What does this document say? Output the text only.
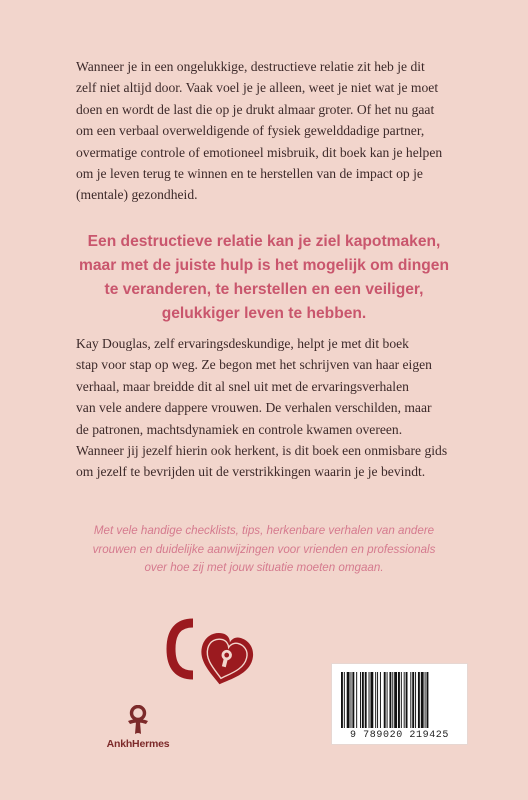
Wanneer je in een ongelukkige, destructieve relatie zit heb je dit
zelf niet altijd door. Vaak voel je je alleen, weet je niet wat je moet
doen en wordt de last die op je drukt almaar groter. Of het nu gaat
om een verbaal overweldigende of fysiek gewelddadige partner,
overmatige controle of emotioneel misbruik, dit boek kan je helpen
om je leven terug te winnen en te herstellen van de impact op je
(mentale) gezondheid.
Een destructieve relatie kan je ziel kapotmaken,
maar met de juiste hulp is het mogelijk om dingen
te veranderen, te herstellen en een veiliger,
gelukkiger leven te hebben.
Kay Douglas, zelf ervaringsdeskundige, helpt je met dit boek
stap voor stap op weg. Ze begon met het schrijven van haar eigen
verhaal, maar breidde dit al snel uit met de ervaringsverhalen
van vele andere dappere vrouwen. De verhalen verschilden, maar
de patronen, machtsdynamiek en controle kwamen overeen.
Wanneer jij jezelf hierin ook herkent, is dit boek een onmisbare gids
om jezelf te bevrijden uit de verstrikkingen waarin je je bevindt.
Met vele handige checklists, tips, herkenbare verhalen van andere
vrouwen en duidelijke aanwijzingen voor vrienden en professionals
over hoe zij met jouw situatie moeten omgaan.
AnkhHermes
9 789020 219425
